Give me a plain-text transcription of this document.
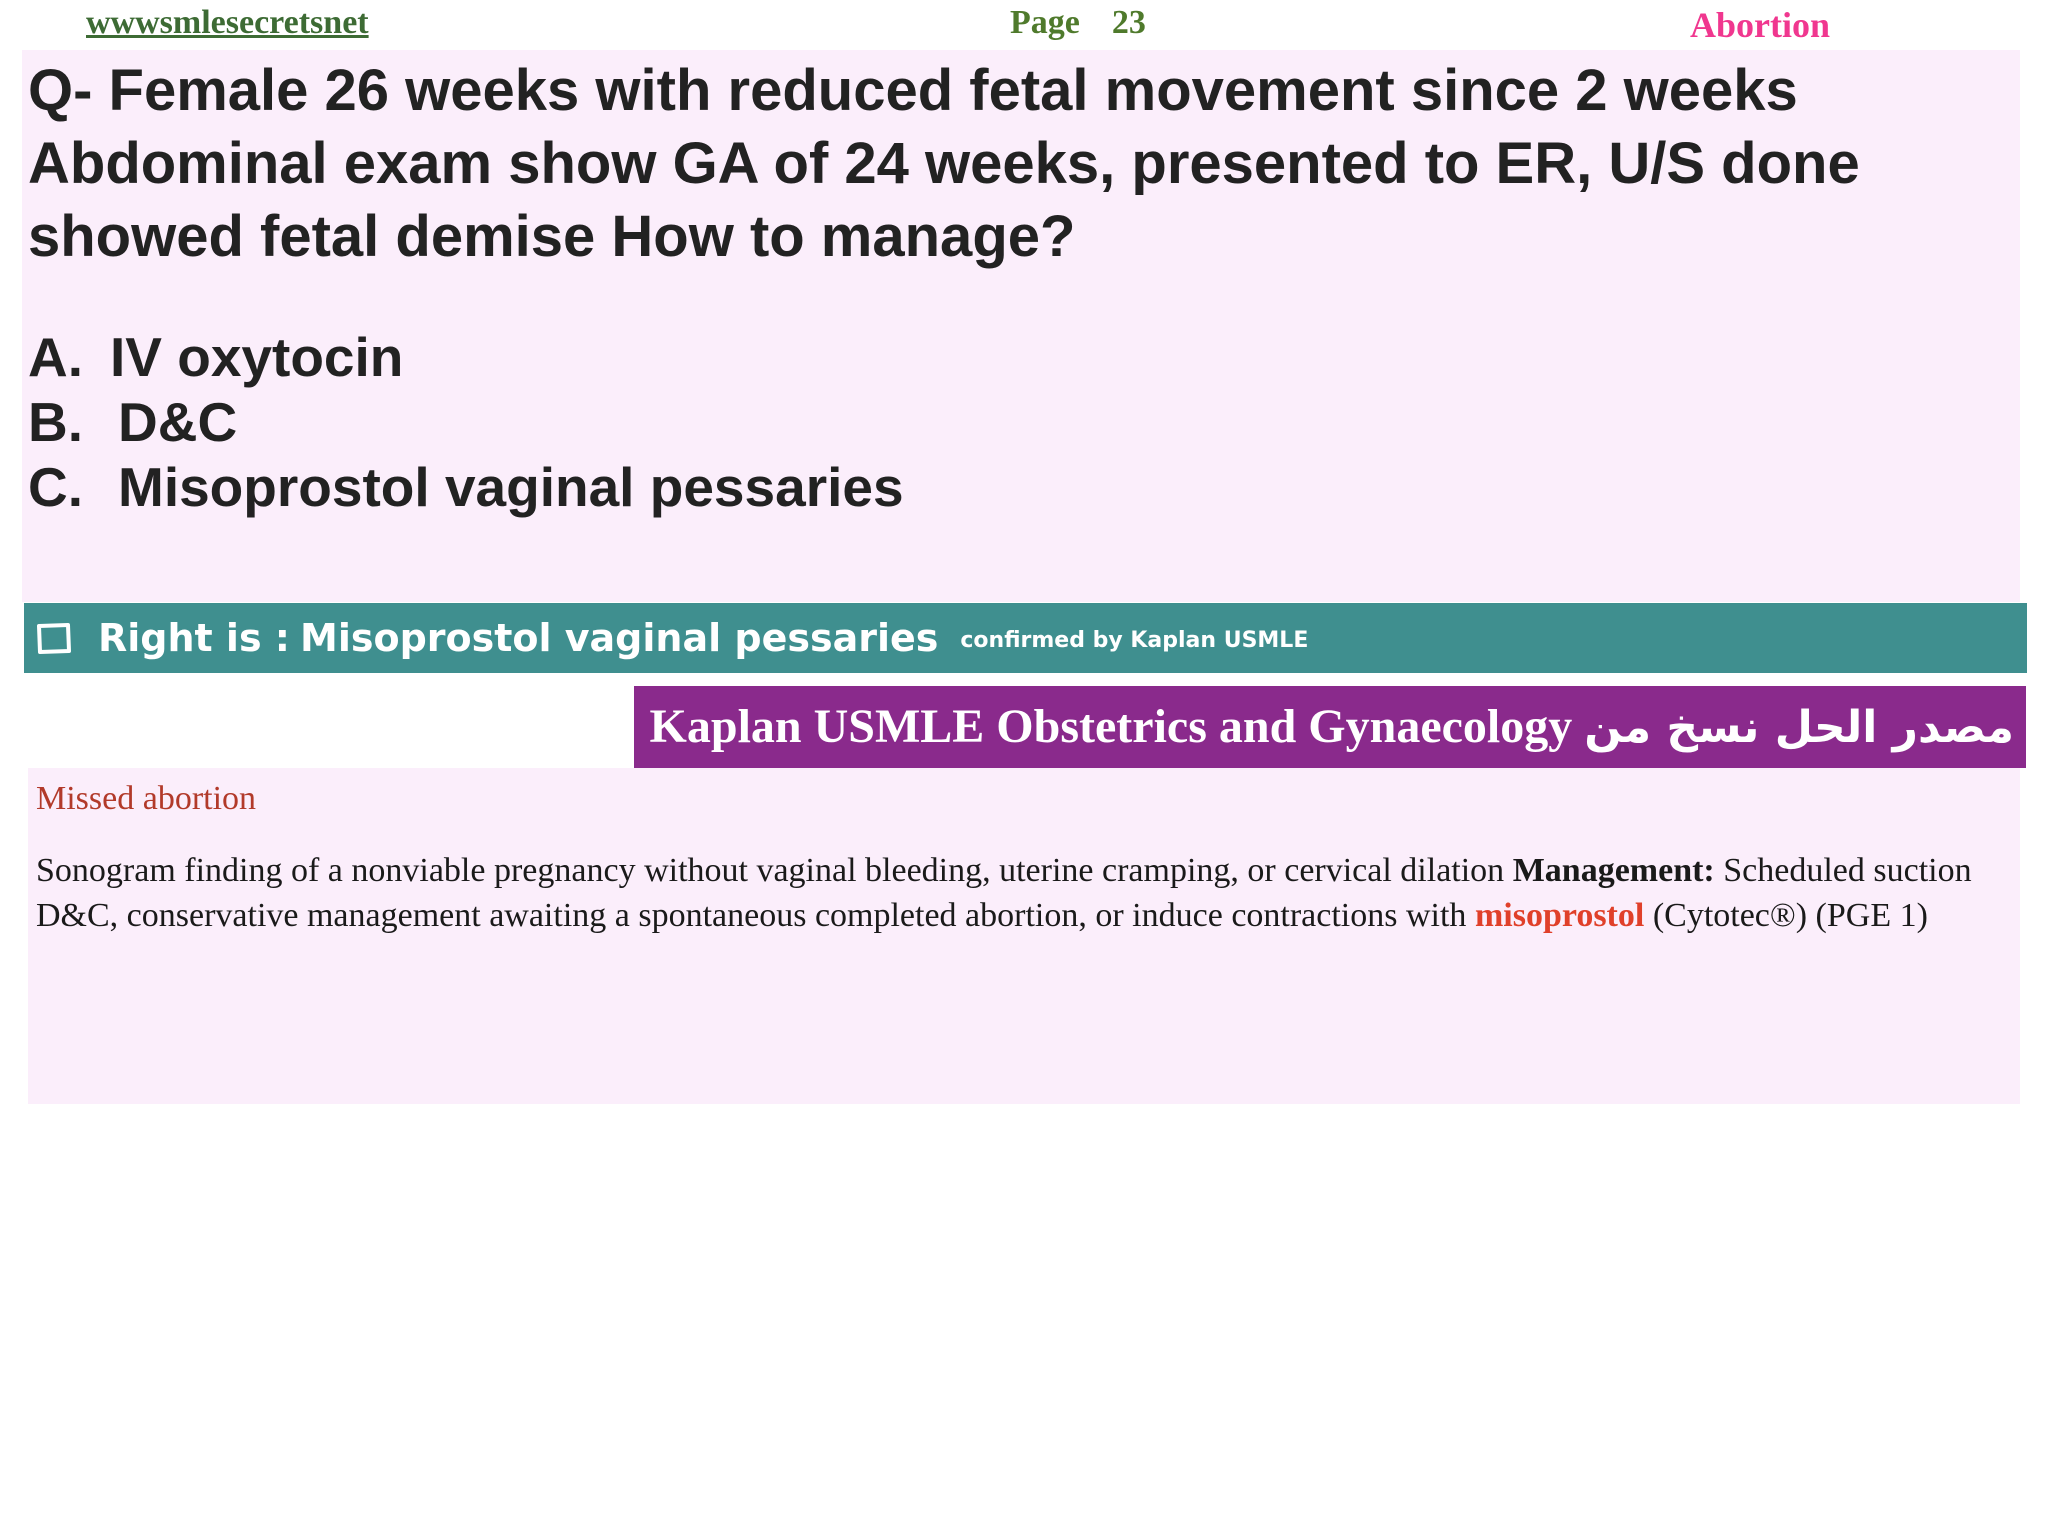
wwwsmlesecretsnet	Page 23	Abortion

Q- Female 26 weeks with reduced fetal movement since 2 weeks Abdominal exam show GA of 24 weeks, presented to ER, U/S done showed fetal demise How to manage?

A. IV oxytocin
B. D&C
C. Misoprostol vaginal pessaries
Right is : Misoprostol vaginal pessaries confirmed by Kaplan USMLE
Kaplan USMLE Obstetrics and Gynaecology مصدر الحل نسخ من
Missed abortion

Sonogram finding of a nonviable pregnancy without vaginal bleeding, uterine cramping, or cervical dilation Management: Scheduled suction D&C, conservative management awaiting a spontaneous completed abortion, or induce contractions with misoprostol (Cytotec®) (PGE 1)
